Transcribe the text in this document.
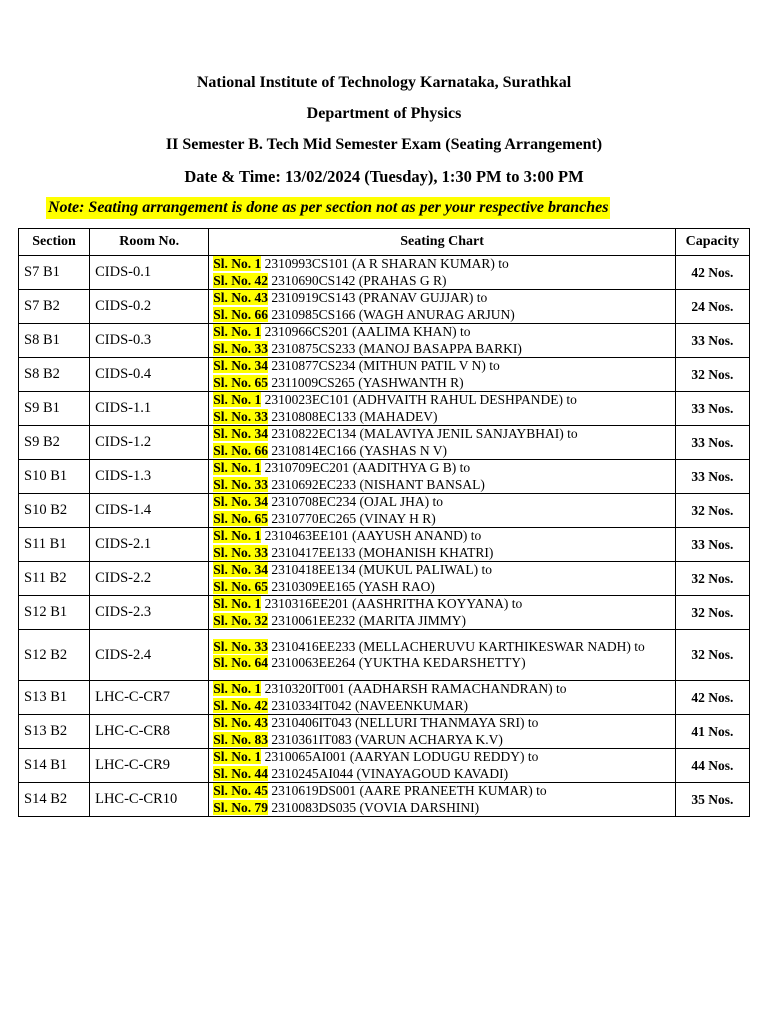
National Institute of Technology Karnataka, Surathkal
Department of Physics
II Semester B. Tech Mid Semester Exam (Seating Arrangement)
Date & Time: 13/02/2024 (Tuesday), 1:30 PM to 3:00 PM
Note: Seating arrangement is done as per section not as per your respective branches
Section	Room No.	Seating Chart	Capacity
S7 B1	CIDS-0.1	Sl. No. 1 2310993CS101 (A R SHARAN KUMAR) to
Sl. No. 42 2310690CS142 (PRAHAS G R)	42 Nos.
S7 B2	CIDS-0.2	Sl. No. 43 2310919CS143 (PRANAV GUJJAR) to
Sl. No. 66 2310985CS166 (WAGH ANURAG ARJUN)	24 Nos.
S8 B1	CIDS-0.3	Sl. No. 1 2310966CS201 (AALIMA KHAN) to
Sl. No. 33 2310875CS233 (MANOJ BASAPPA BARKI)	33 Nos.
S8 B2	CIDS-0.4	Sl. No. 34 2310877CS234 (MITHUN PATIL V N) to
Sl. No. 65 2311009CS265 (YASHWANTH R)	32 Nos.
S9 B1	CIDS-1.1	Sl. No. 1 2310023EC101 (ADHVAITH RAHUL DESHPANDE) to
Sl. No. 33 2310808EC133 (MAHADEV)	33 Nos.
S9 B2	CIDS-1.2	Sl. No. 34 2310822EC134 (MALAVIYA JENIL SANJAYBHAI) to
Sl. No. 66 2310814EC166 (YASHAS N V)	33 Nos.
S10 B1	CIDS-1.3	Sl. No. 1 2310709EC201 (AADITHYA G B) to
Sl. No. 33 2310692EC233 (NISHANT BANSAL)	33 Nos.
S10 B2	CIDS-1.4	Sl. No. 34 2310708EC234 (OJAL JHA) to
Sl. No. 65 2310770EC265 (VINAY H R)	32 Nos.
S11 B1	CIDS-2.1	Sl. No. 1 2310463EE101 (AAYUSH ANAND) to
Sl. No. 33 2310417EE133 (MOHANISH KHATRI)	33 Nos.
S11 B2	CIDS-2.2	Sl. No. 34 2310418EE134 (MUKUL PALIWAL) to
Sl. No. 65 2310309EE165 (YASH RAO)	32 Nos.
S12 B1	CIDS-2.3	Sl. No. 1 2310316EE201 (AASHRITHA KOYYANA) to
Sl. No. 32 2310061EE232 (MARITA JIMMY)	32 Nos.
S12 B2	CIDS-2.4	Sl. No. 33 2310416EE233 (MELLACHERUVU KARTHIKESWAR NADH) to
Sl. No. 64 2310063EE264 (YUKTHA KEDARSHETTY)	32 Nos.
S13 B1	LHC-C-CR7	Sl. No. 1 2310320IT001 (AADHARSH RAMACHANDRAN) to
Sl. No. 42 2310334IT042 (NAVEENKUMAR)	42 Nos.
S13 B2	LHC-C-CR8	Sl. No. 43 2310406IT043 (NELLURI THANMAYA SRI) to
Sl. No. 83 2310361IT083 (VARUN ACHARYA K.V)	41 Nos.
S14 B1	LHC-C-CR9	Sl. No. 1 2310065AI001 (AARYAN LODUGU REDDY) to
Sl. No. 44 2310245AI044 (VINAYAGOUD KAVADI)	44 Nos.
S14 B2	LHC-C-CR10	Sl. No. 45 2310619DS001 (AARE PRANEETH KUMAR) to
Sl. No. 79 2310083DS035 (VOVIA DARSHINI)	35 Nos.
